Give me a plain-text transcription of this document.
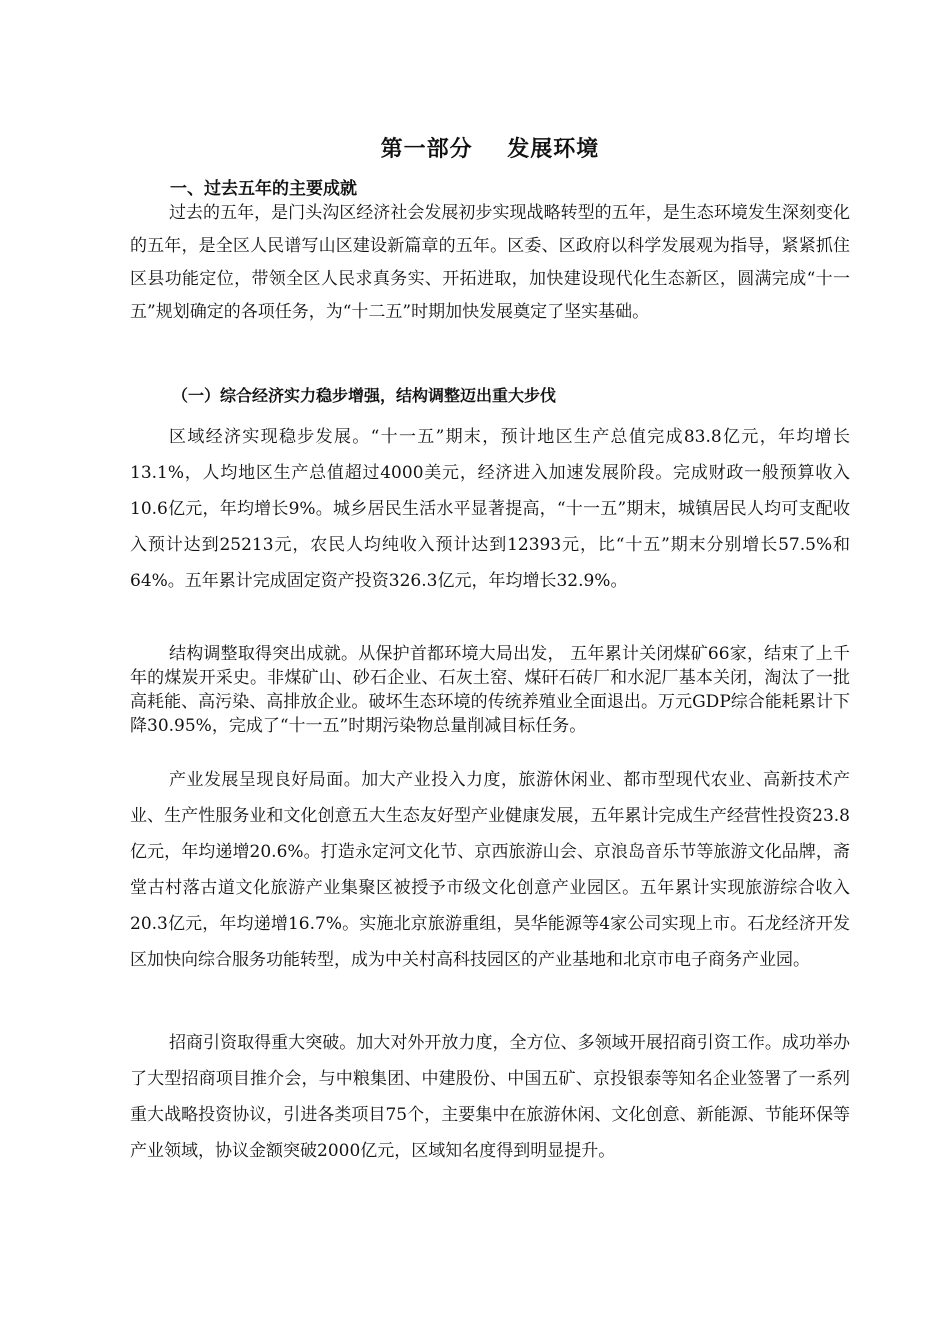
第一部分    发展环境
一、过去五年的主要成就

过去的五年，是门头沟区经济社会发展初步实现战略转型的五年，是生态环境发生深刻变化的五年，是全区人民谱写山区建设新篇章的五年。区委、区政府以科学发展观为指导，紧紧抓住区县功能定位，带领全区人民求真务实、开拓进取，加快建设现代化生态新区，圆满完成“十一五”规划确定的各项任务，为“十二五”时期加快发展奠定了坚实基础。

（一）综合经济实力稳步增强，结构调整迈出重大步伐

区域经济实现稳步发展。“十一五”期末，预计地区生产总值完成83.8亿元，年均增长13.1%，人均地区生产总值超过4000美元，经济进入加速发展阶段。完成财政一般预算收入10.6亿元，年均增长9%。城乡居民生活水平显著提高，“十一五”期末，城镇居民人均可支配收入预计达到25213元，农民人均纯收入预计达到12393元，比“十五”期末分别增长57.5%和64%。五年累计完成固定资产投资326.3亿元，年均增长32.9%。

结构调整取得突出成就。从保护首都环境大局出发， 五年累计关闭煤矿66家，结束了上千年的煤炭开采史。非煤矿山、砂石企业、石灰土窑、煤矸石砖厂和水泥厂基本关闭，淘汰了一批高耗能、高污染、高排放企业。破坏生态环境的传统养殖业全面退出。万元GDP综合能耗累计下降30.95%，完成了“十一五”时期污染物总量削减目标任务。

产业发展呈现良好局面。加大产业投入力度，旅游休闲业、都市型现代农业、高新技术产业、生产性服务业和文化创意五大生态友好型产业健康发展，五年累计完成生产经营性投资23.8亿元，年均递增20.6%。打造永定河文化节、京西旅游山会、京浪岛音乐节等旅游文化品牌，斋堂古村落古道文化旅游产业集聚区被授予市级文化创意产业园区。五年累计实现旅游综合收入20.3亿元，年均递增16.7%。实施北京旅游重组，昊华能源等4家公司实现上市。石龙经济开发区加快向综合服务功能转型，成为中关村高科技园区的产业基地和北京市电子商务产业园。

招商引资取得重大突破。加大对外开放力度，全方位、多领域开展招商引资工作。成功举办了大型招商项目推介会，与中粮集团、中建股份、中国五矿、京投银泰等知名企业签署了一系列重大战略投资协议，引进各类项目75个，主要集中在旅游休闲、文化创意、新能源、节能环保等产业领域，协议金额突破2000亿元，区域知名度得到明显提升。
